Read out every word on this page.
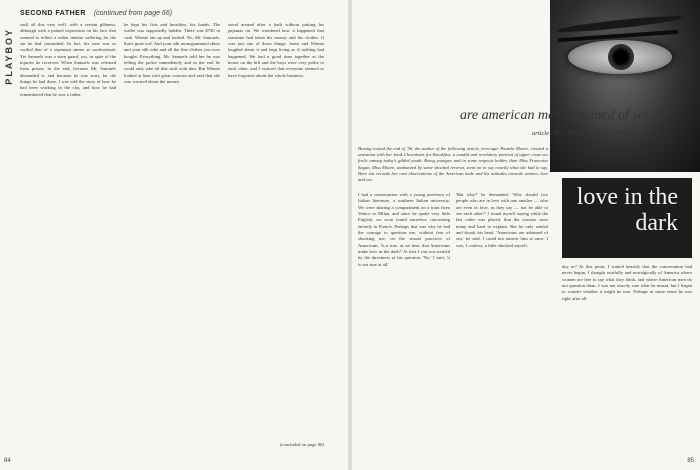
PLAYBOY
SECOND FATHER (continued from page 66)
stuff all this very well, with a certain glibness, although with a pained expression on his face that seemed to reflect a rather intense suffering for the sin he had committed. In fact, his tone was so cordial that of a repentant sinner at confessional. Yet Samuels was a stern guard, too, in spite of the injuries he received. When Samuels was released from prison, in the end, because Mr. Samuels demanded it, and because he was sorry for the things he had done, I was told the story of how he had been working in the city, and how he had remembered that he was a father.
he kept his fists and knuckles, his hands. The wallet was supposedly hidden. There was $750 in cash. Winnie ran up and looked. No, Mr. Samuels, that's gone too! And your silk monogrammed shirts and your silk robe and all the fine clothes you ever bought. Everything. Mr. Samuels told her he was telling the police immediately and in the end he could only take all that stuff with him. But Winnie looked at him with great concern and said that she was worried about the money.
stood around after a bath without putting his pajamas on. We wondered how it happened that someone had taken his money and his clothes. It was just one of those things. Jones and Winnie laughed about it and kept living as if nothing had happened. We had a good time together at the house on the hill and the boys were very polite to each other, and I noticed that everyone seemed to have forgotten about the whole business.
(concluded on page 86)
84
are american men ashamed of sex?
article By PAMELA MOORE
Having toured the end of '56, the author of the following article, teen-ager Pamela Moore, created a sensation with her book Chocolates for Breakfast, a candid and revelatory portrait of upper crust sex frolic among today's gilded youth. Being younger, and in some respects bolder, than Miss Francoise Sagan, Miss Moore, undaunted by some shocked reviews, went on to say exactly what she had to say. Here she records her own observations of the American male and his attitudes towards women, love and sex.
love in the dark
I had a conversation with a young professor of Italian literature, a southern Italian university. We were sharing a compartment on a train from Venice to Milan, and since he spoke very little English, we soon found ourselves conversing entirely in French. Perhaps that was why he had the courage to question me, without fear of shocking me, on the sexual practices of Americans. 'Is it true, as we hear, that Americans make love in the dark?' At first I was not startled by the directness of his question. 'No,' I said, 'it is not true at all.'
'But why?' he demanded. 'Why should two people who are in love with one another — who are even in love, as they say — not be able to see each other?' I found myself saying while the last order was placed, that the reasons were many and hard to explain. But he only smiled and shook his head. 'Americans are ashamed of sex,' he said. I could not answer him at once; I was, I confess, a little shocked myself.
day or? At this point, I waited heartily that the conversation had never begun. I thought wistfully and nostalgically of America where women are free to say what they think, and where American men do not question them. I was not exactly sure what he meant, but I began to wonder whether it might be true. Perhaps in some sense he was right after all.
85
